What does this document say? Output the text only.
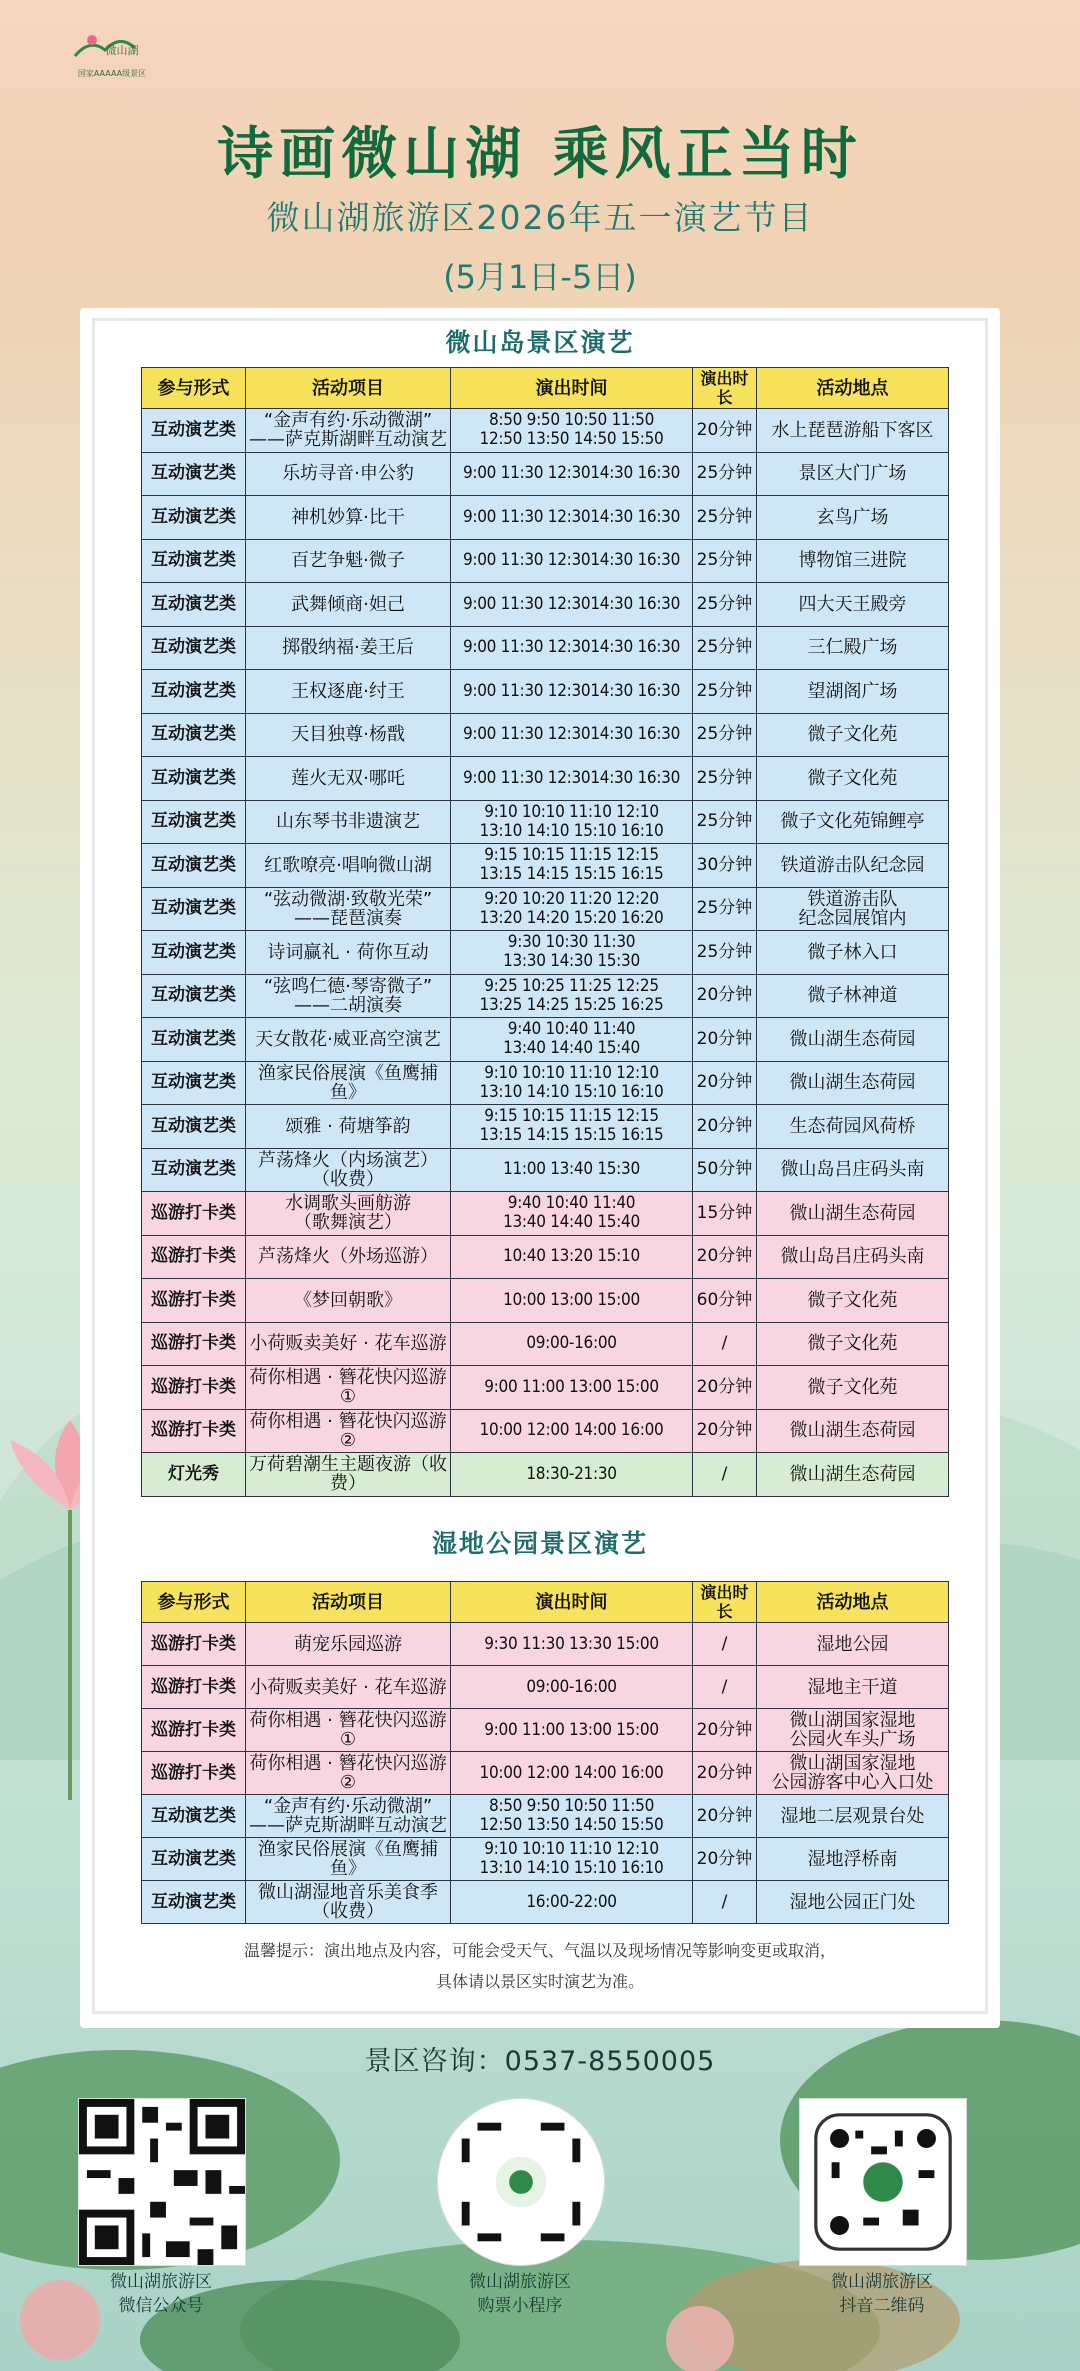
微山湖
国家AAAAA级景区
诗画微山湖 乘风正当时
微山湖旅游区2026年五一演艺节目
(5月1日-5日)
微山岛景区演艺
参与形式	活动项目	演出时间	演出时长	活动地点
互动演艺类	“金声有约·乐动微湖”
——萨克斯湖畔互动演艺	8:50 9:50 10:50 11:50
12:50 13:50 14:50 15:50	20分钟	水上琵琶游船下客区
互动演艺类	乐坊寻音·申公豹	9:00 11:30 12:3014:30 16:30	25分钟	景区大门广场
互动演艺类	神机妙算·比干	9:00 11:30 12:3014:30 16:30	25分钟	玄鸟广场
互动演艺类	百艺争魁·微子	9:00 11:30 12:3014:30 16:30	25分钟	博物馆三进院
互动演艺类	武舞倾商·妲己	9:00 11:30 12:3014:30 16:30	25分钟	四大天王殿旁
互动演艺类	掷骰纳福·姜王后	9:00 11:30 12:3014:30 16:30	25分钟	三仁殿广场
互动演艺类	王权逐鹿·纣王	9:00 11:30 12:3014:30 16:30	25分钟	望湖阁广场
互动演艺类	天目独尊·杨戬	9:00 11:30 12:3014:30 16:30	25分钟	微子文化苑
互动演艺类	莲火无双·哪吒	9:00 11:30 12:3014:30 16:30	25分钟	微子文化苑
互动演艺类	山东琴书非遗演艺	9:10 10:10 11:10 12:10
13:10 14:10 15:10 16:10	25分钟	微子文化苑锦鲤亭
互动演艺类	红歌嘹亮·唱响微山湖	9:15 10:15 11:15 12:15
13:15 14:15 15:15 16:15	30分钟	铁道游击队纪念园
互动演艺类	“弦动微湖·致敬光荣”
——琵琶演奏	9:20 10:20 11:20 12:20
13:20 14:20 15:20 16:20	25分钟	铁道游击队
纪念园展馆内
互动演艺类	诗词赢礼 · 荷你互动	9:30 10:30 11:30
13:30 14:30 15:30	25分钟	微子林入口
互动演艺类	“弦鸣仁德·琴寄微子”
——二胡演奏	9:25 10:25 11:25 12:25
13:25 14:25 15:25 16:25	20分钟	微子林神道
互动演艺类	天女散花·威亚高空演艺	9:40 10:40 11:40
13:40 14:40 15:40	20分钟	微山湖生态荷园
互动演艺类	渔家民俗展演《鱼鹰捕鱼》	9:10 10:10 11:10 12:10
13:10 14:10 15:10 16:10	20分钟	微山湖生态荷园
互动演艺类	颂雅 · 荷塘筝韵	9:15 10:15 11:15 12:15
13:15 14:15 15:15 16:15	20分钟	生态荷园风荷桥
互动演艺类	芦荡烽火（内场演艺）
（收费）	11:00 13:40 15:30	50分钟	微山岛吕庄码头南
巡游打卡类	水调歌头画舫游
（歌舞演艺）	9:40 10:40 11:40
13:40 14:40 15:40	15分钟	微山湖生态荷园
巡游打卡类	芦荡烽火（外场巡游）	10:40 13:20 15:10	20分钟	微山岛吕庄码头南
巡游打卡类	《梦回朝歌》	10:00 13:00 15:00	60分钟	微子文化苑
巡游打卡类	小荷贩卖美好 · 花车巡游	09:00-16:00	/	微子文化苑
巡游打卡类	荷你相遇 · 簪花快闪巡游①	9:00 11:00 13:00 15:00	20分钟	微子文化苑
巡游打卡类	荷你相遇 · 簪花快闪巡游②	10:00 12:00 14:00 16:00	20分钟	微山湖生态荷园
灯光秀	万荷碧潮生主题夜游（收费）	18:30-21:30	/	微山湖生态荷园
湿地公园景区演艺
参与形式	活动项目	演出时间	演出时长	活动地点
巡游打卡类	萌宠乐园巡游	9:30 11:30 13:30 15:00	/	湿地公园
巡游打卡类	小荷贩卖美好 · 花车巡游	09:00-16:00	/	湿地主干道
巡游打卡类	荷你相遇 · 簪花快闪巡游①	9:00 11:00 13:00 15:00	20分钟	微山湖国家湿地
公园火车头广场
巡游打卡类	荷你相遇 · 簪花快闪巡游②	10:00 12:00 14:00 16:00	20分钟	微山湖国家湿地
公园游客中心入口处
互动演艺类	“金声有约·乐动微湖”
——萨克斯湖畔互动演艺	8:50 9:50 10:50 11:50
12:50 13:50 14:50 15:50	20分钟	湿地二层观景台处
互动演艺类	渔家民俗展演《鱼鹰捕鱼》	9:10 10:10 11:10 12:10
13:10 14:10 15:10 16:10	20分钟	湿地浮桥南
互动演艺类	微山湖湿地音乐美食季
（收费）	16:00-22:00	/	湿地公园正门处
温馨提示：演出地点及内容，可能会受天气、气温以及现场情况等影响变更或取消，
具体请以景区实时演艺为准。
景区咨询：0537-8550005
微山湖旅游区
微信公众号
微山湖旅游区
购票小程序
微山湖旅游区
抖音二维码
